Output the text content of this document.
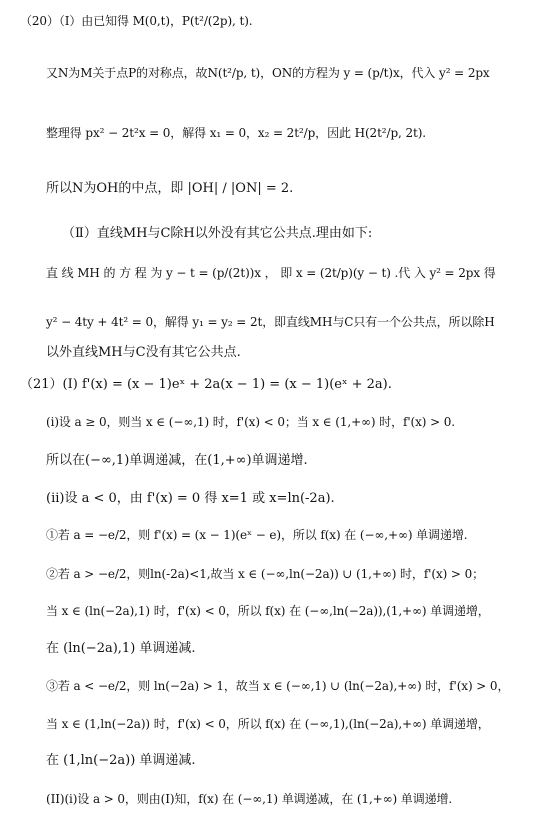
（20）（Ⅰ）由已知得 M(0,t)，P(t²/(2p), t).
又N为M关于点P的对称点，故N(t²/p, t)，ON的方程为 y = (p/t)x，代入 y² = 2px
整理得 px² − 2t²x = 0，解得 x₁ = 0，x₂ = 2t²/p，因此 H(2t²/p, 2t).
所以N为OH的中点，即 |OH| / |ON| = 2.
（Ⅱ）直线MH与C除H以外没有其它公共点.理由如下:
直 线 MH 的 方 程 为 y − t = (p/(2t))x ， 即 x = (2t/p)(y − t) .代 入 y² = 2px 得
y² − 4ty + 4t² = 0，解得 y₁ = y₂ = 2t，即直线MH与C只有一个公共点，所以除H
以外直线MH与C没有其它公共点.
（21）(I) f'(x) = (x − 1)eˣ + 2a(x − 1) = (x − 1)(eˣ + 2a).
(i)设 a ≥ 0，则当 x ∈ (−∞,1) 时，f'(x) < 0；当 x ∈ (1,+∞) 时，f'(x) > 0.
所以在(−∞,1)单调递减，在(1,+∞)单调递增.
(ii)设 a < 0，由 f'(x) = 0 得 x=1 或 x=ln(-2a).
①若 a = −e/2，则 f'(x) = (x − 1)(eˣ − e)，所以 f(x) 在 (−∞,+∞) 单调递增.
②若 a > −e/2，则ln(-2a)<1,故当 x ∈ (−∞,ln(−2a)) ∪ (1,+∞) 时，f'(x) > 0；
当 x ∈ (ln(−2a),1) 时，f'(x) < 0，所以 f(x) 在 (−∞,ln(−2a)),(1,+∞) 单调递增，
在 (ln(−2a),1) 单调递减.
③若 a < −e/2，则 ln(−2a) > 1，故当 x ∈ (−∞,1) ∪ (ln(−2a),+∞) 时，f'(x) > 0，
当 x ∈ (1,ln(−2a)) 时，f'(x) < 0，所以 f(x) 在 (−∞,1),(ln(−2a),+∞) 单调递增，
在 (1,ln(−2a)) 单调递减.
(II)(i)设 a > 0，则由(I)知，f(x) 在 (−∞,1) 单调递减，在 (1,+∞) 单调递增.
